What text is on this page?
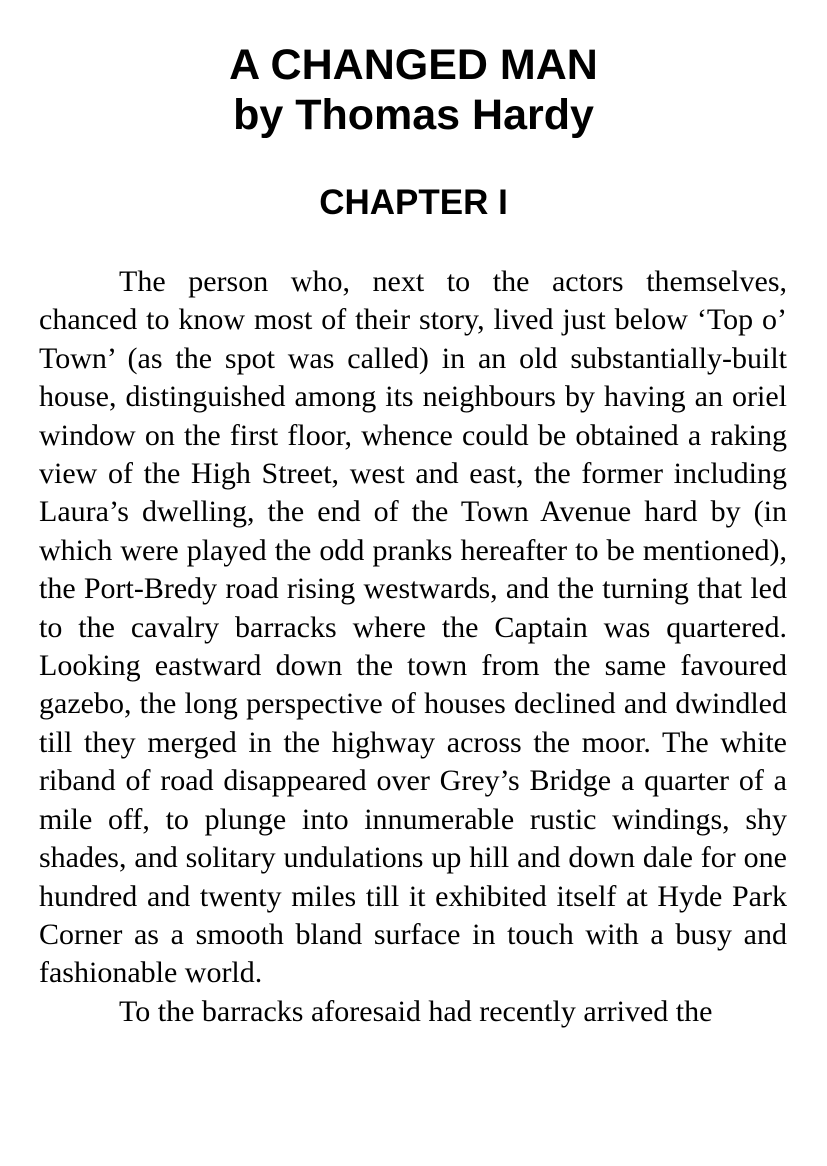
A CHANGED MAN
by Thomas Hardy
CHAPTER I

The person who, next to the actors themselves, chanced to know most of their story, lived just below ‘Top o’ Town’ (as the spot was called) in an old substantially-built house, distinguished among its neighbours by having an oriel window on the first floor, whence could be obtained a raking view of the High Street, west and east, the former including Laura’s dwelling, the end of the Town Avenue hard by (in which were played the odd pranks hereafter to be mentioned), the Port-Bredy road rising westwards, and the turning that led to the cavalry barracks where the Captain was quartered. Looking eastward down the town from the same favoured gazebo, the long perspective of houses declined and dwindled till they merged in the highway across the moor. The white riband of road disappeared over Grey’s Bridge a quarter of a mile off, to plunge into innumerable rustic windings, shy shades, and solitary undulations up hill and down dale for one hundred and twenty miles till it exhibited itself at Hyde Park Corner as a smooth bland surface in touch with a busy and fashionable world.

To the barracks aforesaid had recently arrived the
